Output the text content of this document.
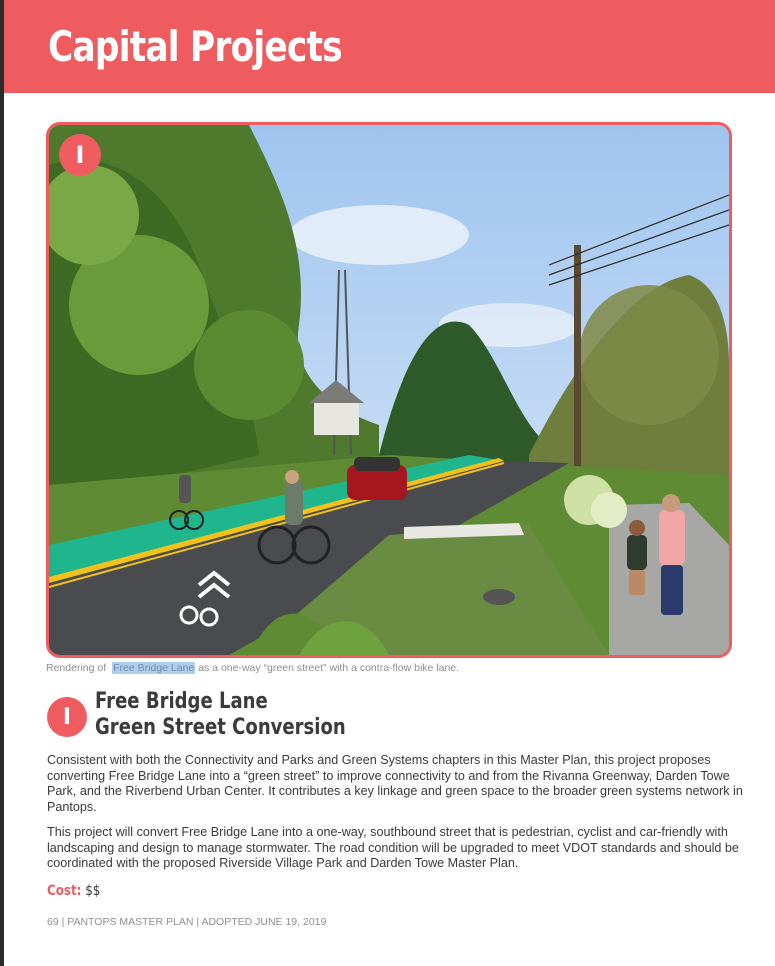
Capital Projects
I
Rendering of Free Bridge Lane as a one-way “green street” with a contra-flow bike lane.
I
Free Bridge Lane
Green Street Conversion
Consistent with both the Connectivity and Parks and Green Systems chapters in this Master Plan, this project proposes converting Free Bridge Lane into a “green street” to improve connectivity to and from the Rivanna Greenway, Darden Towe Park, and the Riverbend Urban Center. It contributes a key linkage and green space to the broader green systems network in Pantops.
This project will convert Free Bridge Lane into a one-way, southbound street that is pedestrian, cyclist and car-friendly with landscaping and design to manage stormwater. The road condition will be upgraded to meet VDOT standards and should be coordinated with the proposed Riverside Village Park and Darden Towe Master Plan.
Cost: $$
69 | PANTOPS MASTER PLAN | ADOPTED JUNE 19, 2019
